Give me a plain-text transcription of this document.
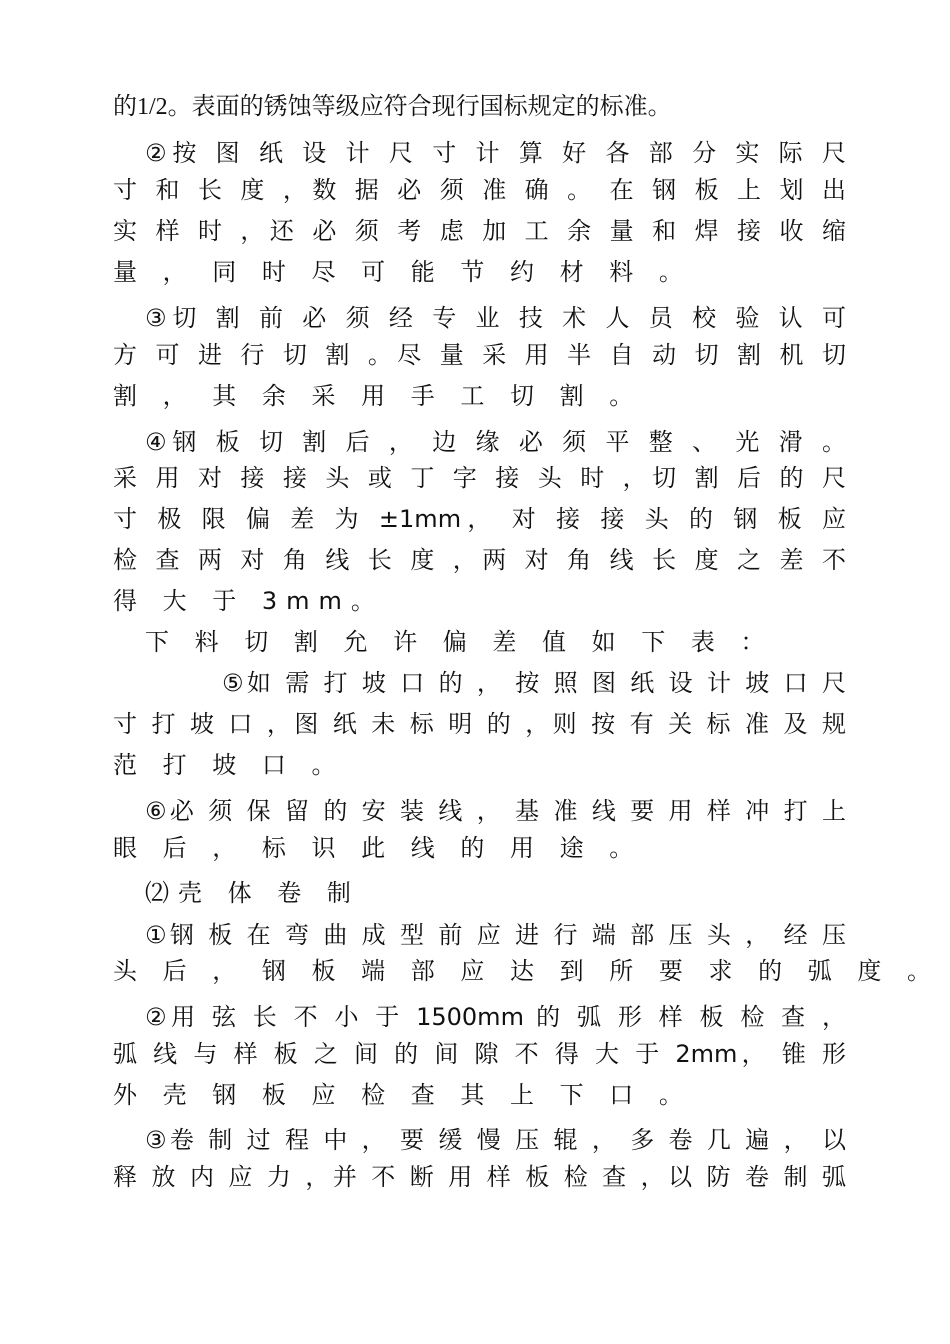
的1/2。表面的锈蚀等级应符合现行国标规定的标准。
②按 图 纸 设 计 尺 寸 计 算 好 各 部 分 实 际 尺
寸 和 长 度 ，数 据 必 须 准 确 。 在 钢 板 上 划 出
实 样 时 ，还 必 须 考 虑 加 工 余 量 和 焊 接 收 缩
量 ， 同 时 尽 可 能 节 约 材 料 。
③切 割 前 必 须 经 专 业 技 术 人 员 校 验 认 可
方 可 进 行 切 割 。尽 量 采 用 半 自 动 切 割 机 切
割 ， 其 余 采 用 手 工 切 割 。
④钢 板 切 割 后 ， 边 缘 必 须 平 整 、 光 滑 。
采 用 对 接 接 头 或 丁 字 接 头 时 ，切 割 后 的 尺
寸 极 限 偏 差 为 ±1mm， 对 接 接 头 的 钢 板 应
检 查 两 对 角 线 长 度 ，两 对 角 线 长 度 之 差 不
得 大 于 3mm。
下 料 切 割 允 许 偏 差 值 如 下 表 ：
⑤如 需 打 坡 口 的 ， 按 照 图 纸 设 计 坡 口 尺
寸 打 坡 口 ，图 纸 未 标 明 的 ，则 按 有 关 标 准 及 规
范 打 坡 口 。
⑥必 须 保 留 的 安 装 线 ， 基 准 线 要 用 样 冲 打 上
眼 后 ， 标 识 此 线 的 用 途 。
⑵壳 体 卷 制
①钢 板 在 弯 曲 成 型 前 应 进 行 端 部 压 头 ， 经 压
头 后 ， 钢 板 端 部 应 达 到 所 要 求 的 弧 度 。
②用 弦 长 不 小 于 1500mm 的 弧 形 样 板 检 查 ，
弧 线 与 样 板 之 间 的 间 隙 不 得 大 于 2mm， 锥 形
外 壳 钢 板 应 检 查 其 上 下 口 。
③卷 制 过 程 中 ， 要 缓 慢 压 辊 ， 多 卷 几 遍 ， 以
释 放 内 应 力 ，并 不 断 用 样 板 检 查 ，以 防 卷 制 弧
